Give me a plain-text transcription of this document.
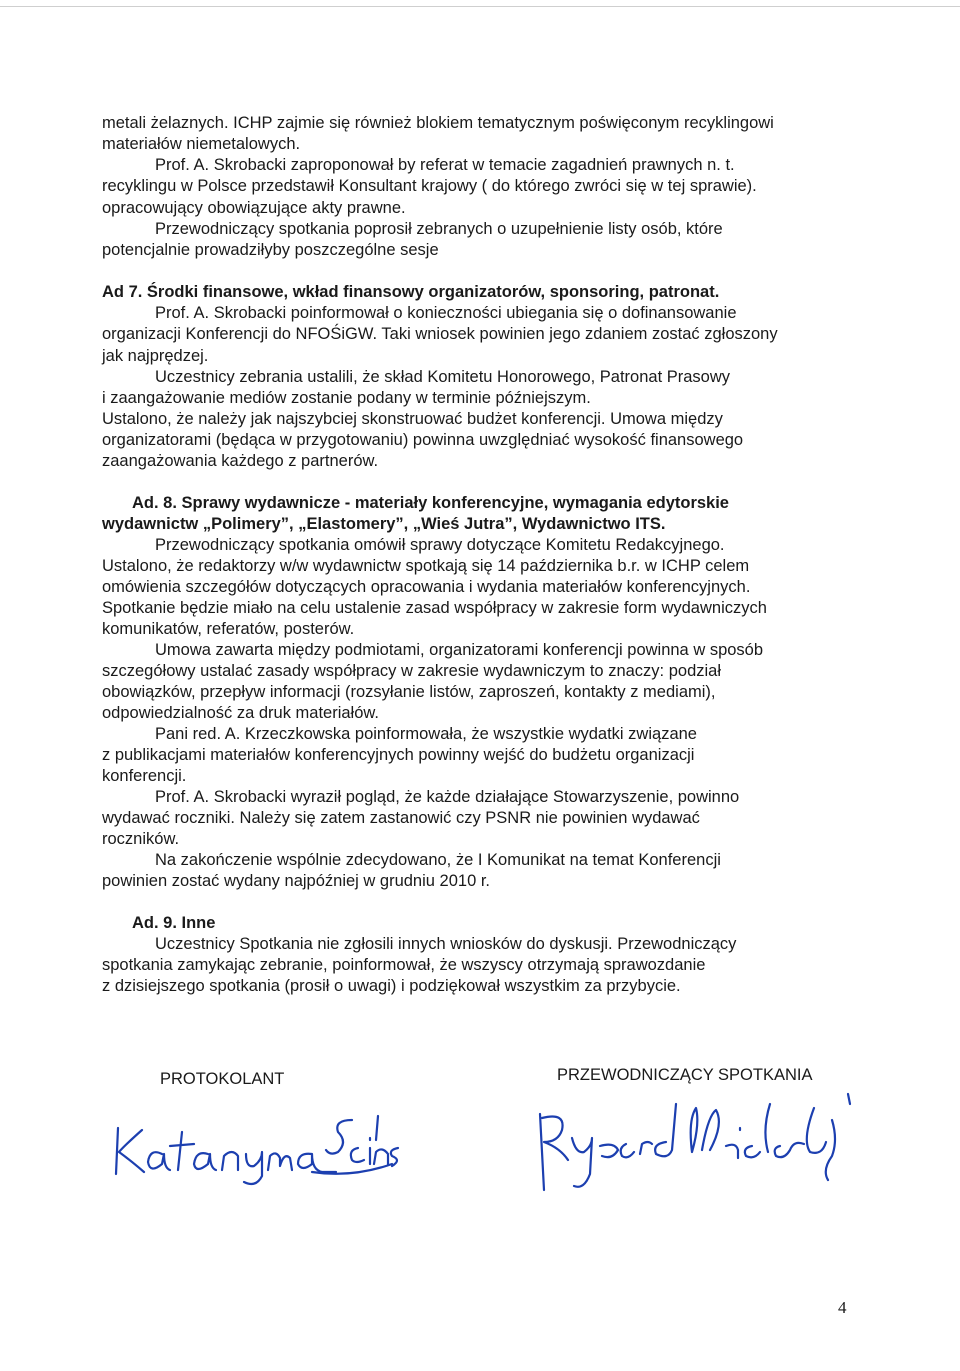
metali żelaznych. ICHP zajmie się również blokiem tematycznym poświęconym recyklingowi
materiałów niemetalowych.
Prof. A. Skrobacki zaproponował by referat w temacie zagadnień prawnych n. t.
recyklingu w Polsce przedstawił Konsultant krajowy ( do którego zwróci się w tej sprawie).
opracowujący obowiązujące akty prawne.
Przewodniczący spotkania poprosił zebranych o uzupełnienie listy osób, które
potencjalnie prowadziłyby poszczególne sesje
Ad 7. Środki finansowe, wkład finansowy organizatorów, sponsoring, patronat.
Prof. A. Skrobacki poinformował o konieczności ubiegania się o dofinansowanie
organizacji Konferencji do NFOŚiGW. Taki wniosek powinien jego zdaniem zostać zgłoszony
jak najprędzej.
Uczestnicy zebrania ustalili, że skład Komitetu Honorowego, Patronat Prasowy
i zaangażowanie mediów zostanie podany w terminie późniejszym.
Ustalono, że należy jak najszybciej skonstruować budżet konferencji. Umowa między
organizatorami (będąca w przygotowaniu) powinna uwzględniać wysokość finansowego
zaangażowania każdego z partnerów.
Ad. 8. Sprawy wydawnicze - materiały konferencyjne, wymagania edytorskie
wydawnictw „Polimery”, „Elastomery”, „Wieś Jutra”, Wydawnictwo ITS.
Przewodniczący spotkania omówił sprawy dotyczące Komitetu Redakcyjnego.
Ustalono, że redaktorzy w/w wydawnictw spotkają się 14 października b.r. w ICHP celem
omówienia szczegółów dotyczących opracowania i wydania materiałów konferencyjnych.
Spotkanie będzie miało na celu ustalenie zasad współpracy w zakresie form wydawniczych
komunikatów, referatów, posterów.
Umowa zawarta między podmiotami, organizatorami konferencji powinna w sposób
szczegółowy ustalać zasady współpracy w zakresie wydawniczym to znaczy: podział
obowiązków, przepływ informacji (rozsyłanie listów, zaproszeń, kontakty z mediami),
odpowiedzialność za druk materiałów.
Pani red. A. Krzeczkowska poinformowała, że wszystkie wydatki związane
z publikacjami materiałów konferencyjnych powinny wejść do budżetu organizacji
konferencji.
Prof. A. Skrobacki wyraził pogląd, że każde działające Stowarzyszenie, powinno
wydawać roczniki. Należy się zatem zastanowić czy PSNR nie powinien wydawać
roczników.
Na zakończenie wspólnie zdecydowano, że I Komunikat na temat Konferencji
powinien zostać wydany najpóźniej w grudniu 2010 r.
Ad. 9. Inne
Uczestnicy Spotkania nie zgłosili innych wniosków do dyskusji. Przewodniczący
spotkania zamykając zebranie, poinformował, że wszyscy otrzymają sprawozdanie
z dzisiejszego spotkania (prosił o uwagi) i podziękował wszystkim za przybycie.
PROTOKOLANT	PRZEWODNICZĄCY SPOTKANIA
4
